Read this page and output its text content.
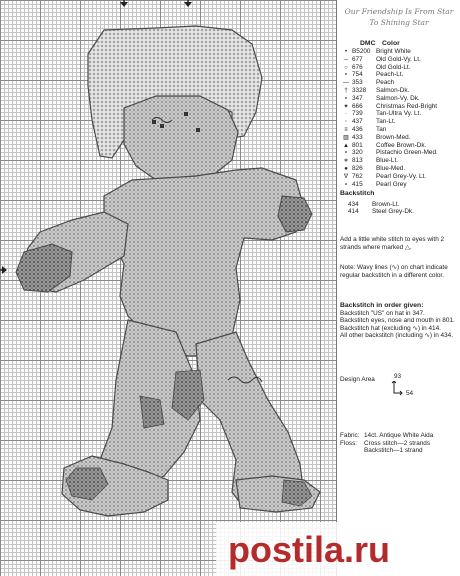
Our Friendship Is From Star
To Shining Star
DMC Color
• B5200 Bright White
─ 677 Old Gold-Vy. Lt.
○ 676 Old Gold-Lt.
∘ 754 Peach-Lt.
— 353 Peach
† 3328 Salmon-Dk.
∘ 347 Salmon-Vy. Dk.
✦ 666 Christmas Red-Bright
· 739 Tan-Ultra Vy. Lt.
⋅ 437 Tan-Lt.
≡ 436 Tan
▨ 433 Brown-Med.
▲ 801 Coffee Brown-Dk.
∘ 320 Pistachio Green-Med.
∗ 813 Blue-Lt.
● 826 Blue-Med.
∇ 762 Pearl Grey-Vy. Lt.
∘ 415 Pearl Grey
Backstitch
434 Brown-Lt.
414 Steel Grey-Dk.

Add a little white stitch to eyes with 2 strands where marked △.

Note: Wavy lines (∿) on chart indicate regular backstitch in a different color.

Backstitch in order given:

Backstitch "US" on hat in 347.

Backstitch eyes, nose and mouth in 801.

Backstitch hat (excluding ∿) in 414.

All other backstitch (including ∿) in 434.

Design Area	93
54
Fabric: 14ct. Antique White Aida
Floss: Cross stitch—2 strands
Backstitch—1 strand
postila.ru
